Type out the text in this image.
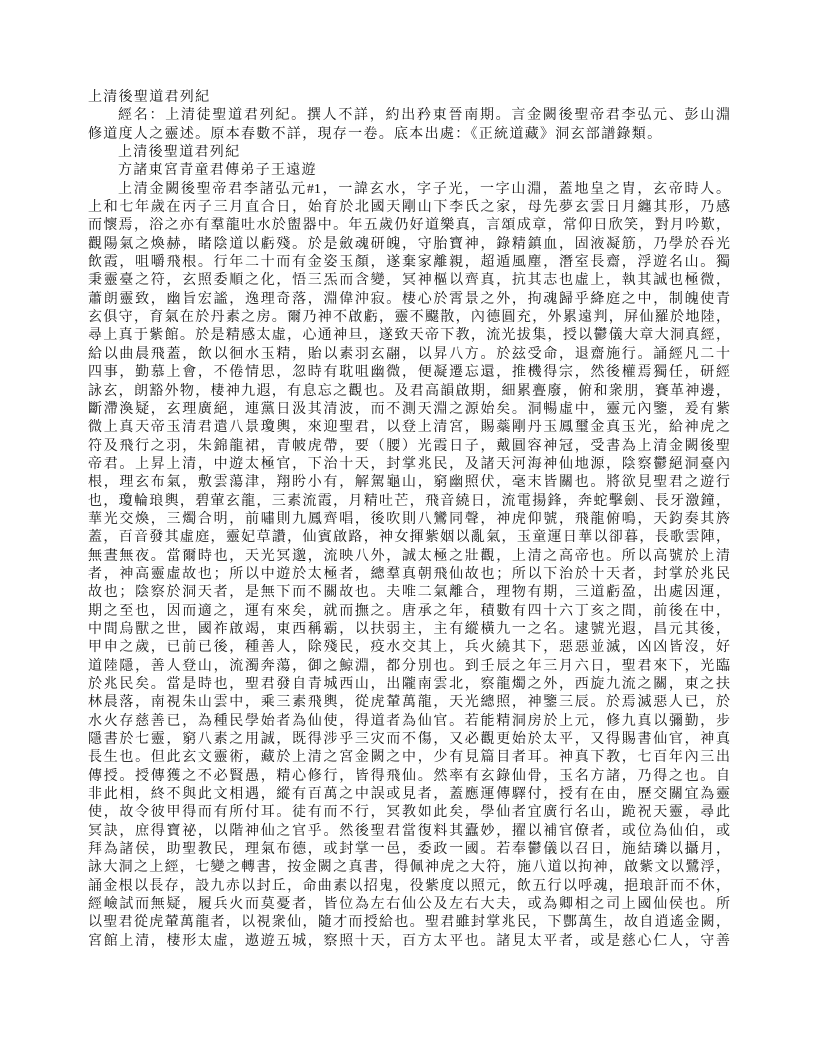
上清後聖道君列紀
經名：上清徒聖道君列紀。撰人不詳，約出矜東晉南期。言金闕後聖帝君李弘元、彭山淵
修道度人之靈述。原本春數不詳，現存一卷。底本出處：《正統道藏》洞玄部譜錄類。
上清後聖道君列紀
方諸東宮青童君傳弟子王遠遊
上清金闕後聖帝君李諸弘元#1，一諱玄水，字子光，一字山淵，蓋地皇之胄，玄帝時人。
上和七年歲在丙子三月直合日，始育於北國天剛山下李氏之家，母先夢玄雲日月纏其形，乃感
而懷焉，浴之亦有羣龍吐水於盥器中。年五歲仍好道樂真，言頌成章，常仰日欣笑，對月吟歎，
觀陽氣之煥赫，睹陰道以虧殘。於是斂魂研魄，守胎寶神，錄精鎮血，固液凝筋，乃學於吞光
飲霞，咀嚼飛根。行年二十而有金姿玉顏，遂棄家離親，超遁風塵，潛室長齋，浮遊名山。獨
秉靈臺之符，玄照委順之化，悟三炁而含變，冥神樞以齊真，抗其志也虛上，執其誠也極微，
蕭朗靈致，幽旨宏謐，逸理奇落，淵偉沖寂。棲心於霄景之外，拘魂歸乎絳庭之中，制魄使青
玄俱守，育氣在於丹素之房。爾乃神不啟虧，靈不飋散，內德圓充，外累遠判，屏仙羅於地陸，
尋上真于紫館。於是精感太虛，心通神旦，遂致天帝下教，流光拔集，授以鬱儀大章大洞真經，
給以曲晨飛蓋，飲以徊水玉精，貽以素羽玄翮，以昇八方。於玆受命，退齋施行。誦經凡二十
四事，勤慕上會，不倦情思，忽時有耽咀幽微，便凝遷忘還，推機得宗，然後權焉獨任，研經
詠玄，朗豁外物，棲神九遐，有息忘之觀也。及君高韻啟期，細累亹廢，俯和衆朋，賽革神邊，
斷滯渙疑，玄理廣絕，連黨日汲其清波，而不測天淵之源始矣。洞暢虛中，靈元內鑒，爰有紫
微上真天帝玉清君遣八景瓊輿，來迎聖君，以登上清宮，賜蘂剛丹玉鳳璽金真玉光，給神虎之
符及飛行之羽，朱錦龍裙，青帔虎帶，要（腰）光霞日子，戴圓容神冠，受書為上清金闕後聖
帝君。上昇上清，中遊太極官，下治十天，封掌兆民，及諸天河海神仙地源，陰察鬱絕洞臺內
根，理玄布氣，敷雲蕩津，翔盻小有，解駕龜山，窮幽照伏，毫末皆關也。將欲見聖君之遊行
也，瓊輪琅輿，碧葷玄龍，三素流霞，月精吐芒，飛音繞日，流電揚鋒，奔蛇擊劍、長牙激鐘，
華光交煥，三燭合明，前嘯則九鳳齊唱，後吹則八鸞同聲，神虎仰號，飛龍俯鳴，天鈞奏其旍
蓋，百音發其虛庭，靈妃草讚，仙賓啟路，神女揮紫姻以亂氣，玉童運日華以卻暮，長歌雲陣，
無晝無夜。當爾時也，天光冥邈，流映八外，誠太極之壯觀，上清之高帝也。所以高號於上清
者，神高靈虛故也；所以中遊於太極者，總羣真朝飛仙故也；所以下治於十天者，封掌於兆民
故也；陰察於洞天者，是無下而不關故也。夫唯二氣離合，理物有期，三道虧盈，出處因運，
期之至也，因而適之，運有來矣，就而撫之。唐承之年，積數有四十六丁亥之間，前後在中，
中間烏獸之世，國祚啟竭，東西稱霸，以扶弱主，主有縱橫九一之名。逮號光遐，昌元其後，
甲申之歲，已前已後，種善人，除殘民，疫水交其上，兵火繞其下，惡惡並滅，凶凶皆沒，好
道陸隱，善人登山，流濁奔蕩，御之鯨淵，都分別也。到壬辰之年三月六日，聖君來下，光臨
於兆民矣。當是時也，聖君發自青城西山，出隴南雲北，察龍燭之外，西旋九流之關，東之扶
林晨落，南視朱山雲中，乘三素飛輿，從虎輦萬龍，天光總照，神鑒三辰。於焉滅惡人已，於
水火存慈善已，為種民學始者為仙使，得道者為仙官。若能精洞房於上元，修九真以彌勤，步
隱書於七靈，窮八素之用誠，既得涉乎三灾而不傷，又必觀更始於太平，又得賜書仙官，神真
長生也。但此玄文靈術，藏於上清之宮金闕之中，少有見篇目者耳。神真下教，七百年內三出
傳授。授傳獲之不必賢愚，精心修行，皆得飛仙。然率有玄錄仙骨，玉名方諸，乃得之也。自
非此相，終不與此文相遇，縱有百萬之中誤或見者，蓋應運傳驛付，授有在由，歷交關宜為靈
使，故令彼甲得而有所付耳。徒有而不行，冥教如此矣，學仙者宜廣行名山，跪祝天靈，尋此
冥訣，庶得寶祕，以階神仙之官乎。然後聖君當復料其蠹妙，擢以補官僚者，或位為仙伯，或
拜為諸侯，助聖教民，理氣布德，或封掌一邑，委政一國。若奉鬱儀以召日，施結璘以攝月，
詠大洞之上經，七變之轉書，按金闕之真書，得佩神虎之大符，施八道以拘神，啟紫文以鷺浮，
誦金根以長存，設九赤以封丘，命曲素以招鬼，役紫度以照元，飲五行以呼魂，挹琅訐而不休，
經嶮試而無疑，履兵火而莫憂者，皆位為左右仙公及左右大夫，或為卿相之司上國仙侯也。所
以聖君從虎輦萬龍者，以視衆仙，隨才而授給也。聖君雖封掌兆民，下酆萬生，故自逍遙金闕，
宮館上清，棲形太虛，遨遊五城，察照十天，百方太平也。諸見太平者，或是慈心仁人，守善
